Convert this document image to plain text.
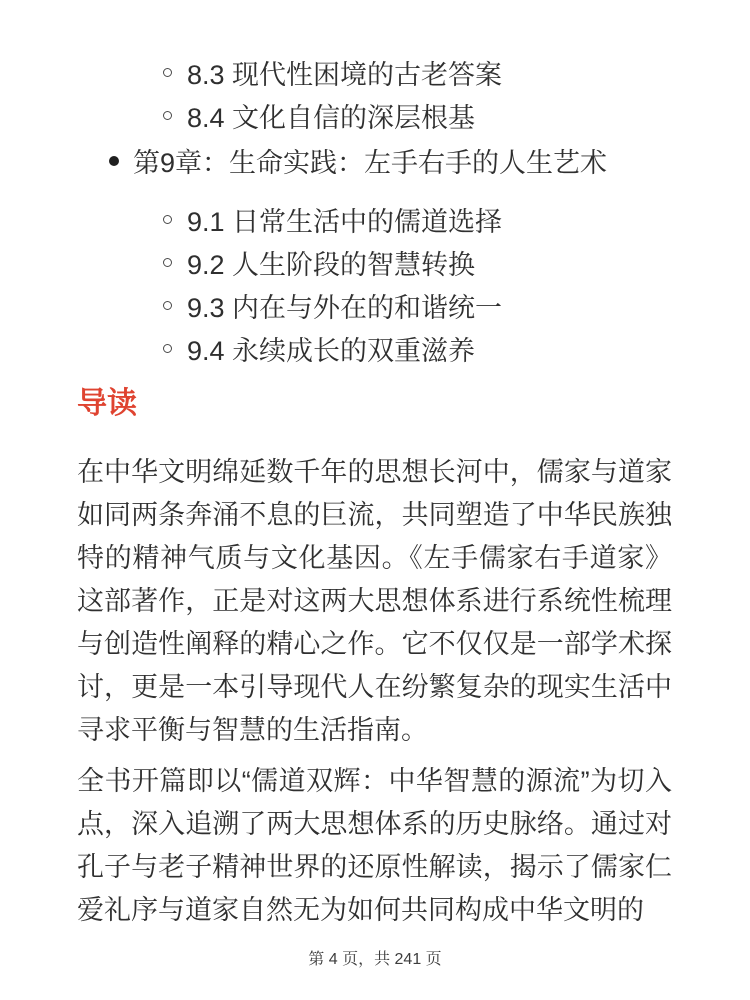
8.3 现代性困境的古老答案
8.4 文化自信的深层根基
第9章：生命实践：左手右手的人生艺术
9.1 日常生活中的儒道选择
9.2 人生阶段的智慧转换
9.3 内在与外在的和谐统一
9.4 永续成长的双重滋养
导读

在中华文明绵延数千年的思想长河中，儒家与道家如同两条奔涌不息的巨流，共同塑造了中华民族独特的精神气质与文化基因。《左手儒家右手道家》这部著作，正是对这两大思想体系进行系统性梳理与创造性阐释的精心之作。它不仅仅是一部学术探讨，更是一本引导现代人在纷繁复杂的现实生活中寻求平衡与智慧的生活指南。

全书开篇即以“儒道双辉：中华智慧的源流”为切入点，深入追溯了两大思想体系的历史脉络。通过对孔子与老子精神世界的还原性解读，揭示了儒家仁爱礼序与道家自然无为如何共同构成中华文明的

第 4 页，共 241 页
